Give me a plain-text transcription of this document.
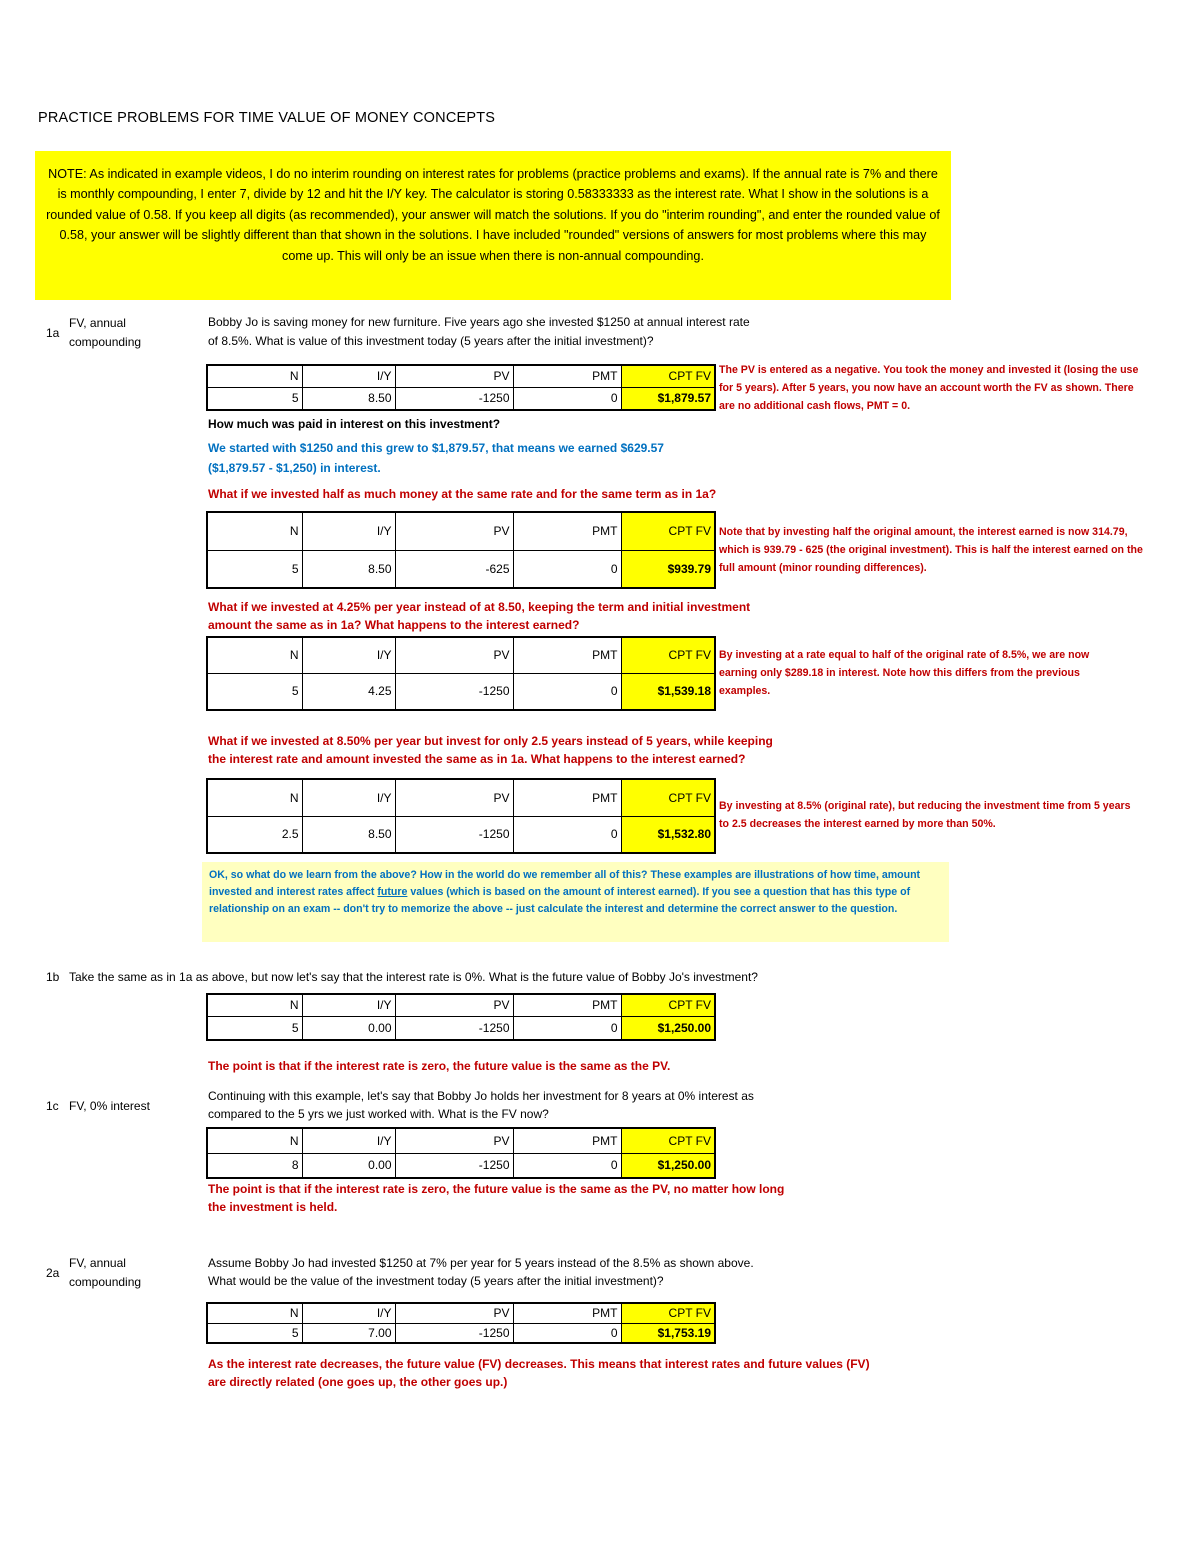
PRACTICE PROBLEMS FOR TIME VALUE OF MONEY CONCEPTS
NOTE: As indicated in example videos, I do no interim rounding on interest rates for problems (practice problems and exams). If the annual rate is 7% and there is monthly compounding, I enter 7, divide by 12 and hit the I/Y key. The calculator is storing 0.58333333 as the interest rate. What I show in the solutions is a rounded value of 0.58. If you keep all digits (as recommended), your answer will match the solutions. If you do "interim rounding", and enter the rounded value of 0.58, your answer will be slightly different than that shown in the solutions. I have included "rounded" versions of answers for most problems where this may come up. This will only be an issue when there is non-annual compounding.
1a
FV, annual
compounding
Bobby Jo is saving money for new furniture. Five years ago she invested $1250 at annual interest rate
of 8.5%. What is value of this investment today (5 years after the initial investment)?
N	I/Y	PV	PMT	CPT FV
5	8.50	-1250	0	$1,879.57
The PV is entered as a negative. You took the money and invested it (losing the use for 5 years). After 5 years, you now have an account worth the FV as shown. There are no additional cash flows, PMT = 0.
How much was paid in interest on this investment?
We started with $1250 and this grew to $1,879.57, that means we earned $629.57
($1,879.57 - $1,250) in interest.
What if we invested half as much money at the same rate and for the same term as in 1a?
N	I/Y	PV	PMT	CPT FV
5	8.50	-625	0	$939.79
Note that by investing half the original amount, the interest earned is now 314.79, which is 939.79 - 625 (the original investment). This is half the interest earned on the full amount (minor rounding differences).
What if we invested at 4.25% per year instead of at 8.50, keeping the term and initial investment
amount the same as in 1a? What happens to the interest earned?
N	I/Y	PV	PMT	CPT FV
5	4.25	-1250	0	$1,539.18
By investing at a rate equal to half of the original rate of 8.5%, we are now earning only $289.18 in interest. Note how this differs from the previous examples.
What if we invested at 8.50% per year but invest for only 2.5 years instead of 5 years, while keeping
the interest rate and amount invested the same as in 1a. What happens to the interest earned?
N	I/Y	PV	PMT	CPT FV
2.5	8.50	-1250	0	$1,532.80
By investing at 8.5% (original rate), but reducing the investment time from 5 years to 2.5 decreases the interest earned by more than 50%.
OK, so what do we learn from the above? How in the world do we remember all of this? These examples are illustrations of how time, amount invested and interest rates affect future values (which is based on the amount of interest earned). If you see a question that has this type of relationship on an exam -- don't try to memorize the above -- just calculate the interest and determine the correct answer to the question.
1b Take the same as in 1a as above, but now let's say that the interest rate is 0%. What is the future value of Bobby Jo's investment?
N	I/Y	PV	PMT	CPT FV
5	0.00	-1250	0	$1,250.00
The point is that if the interest rate is zero, the future value is the same as the PV.
1c FV, 0% interest
Continuing with this example, let's say that Bobby Jo holds her investment for 8 years at 0% interest as
compared to the 5 yrs we just worked with. What is the FV now?
N	I/Y	PV	PMT	CPT FV
8	0.00	-1250	0	$1,250.00
The point is that if the interest rate is zero, the future value is the same as the PV, no matter how long
the investment is held.
2a
FV, annual
compounding
Assume Bobby Jo had invested $1250 at 7% per year for 5 years instead of the 8.5% as shown above.
What would be the value of the investment today (5 years after the initial investment)?
N	I/Y	PV	PMT	CPT FV
5	7.00	-1250	0	$1,753.19
As the interest rate decreases, the future value (FV) decreases. This means that interest rates and future values (FV)
are directly related (one goes up, the other goes up.)
